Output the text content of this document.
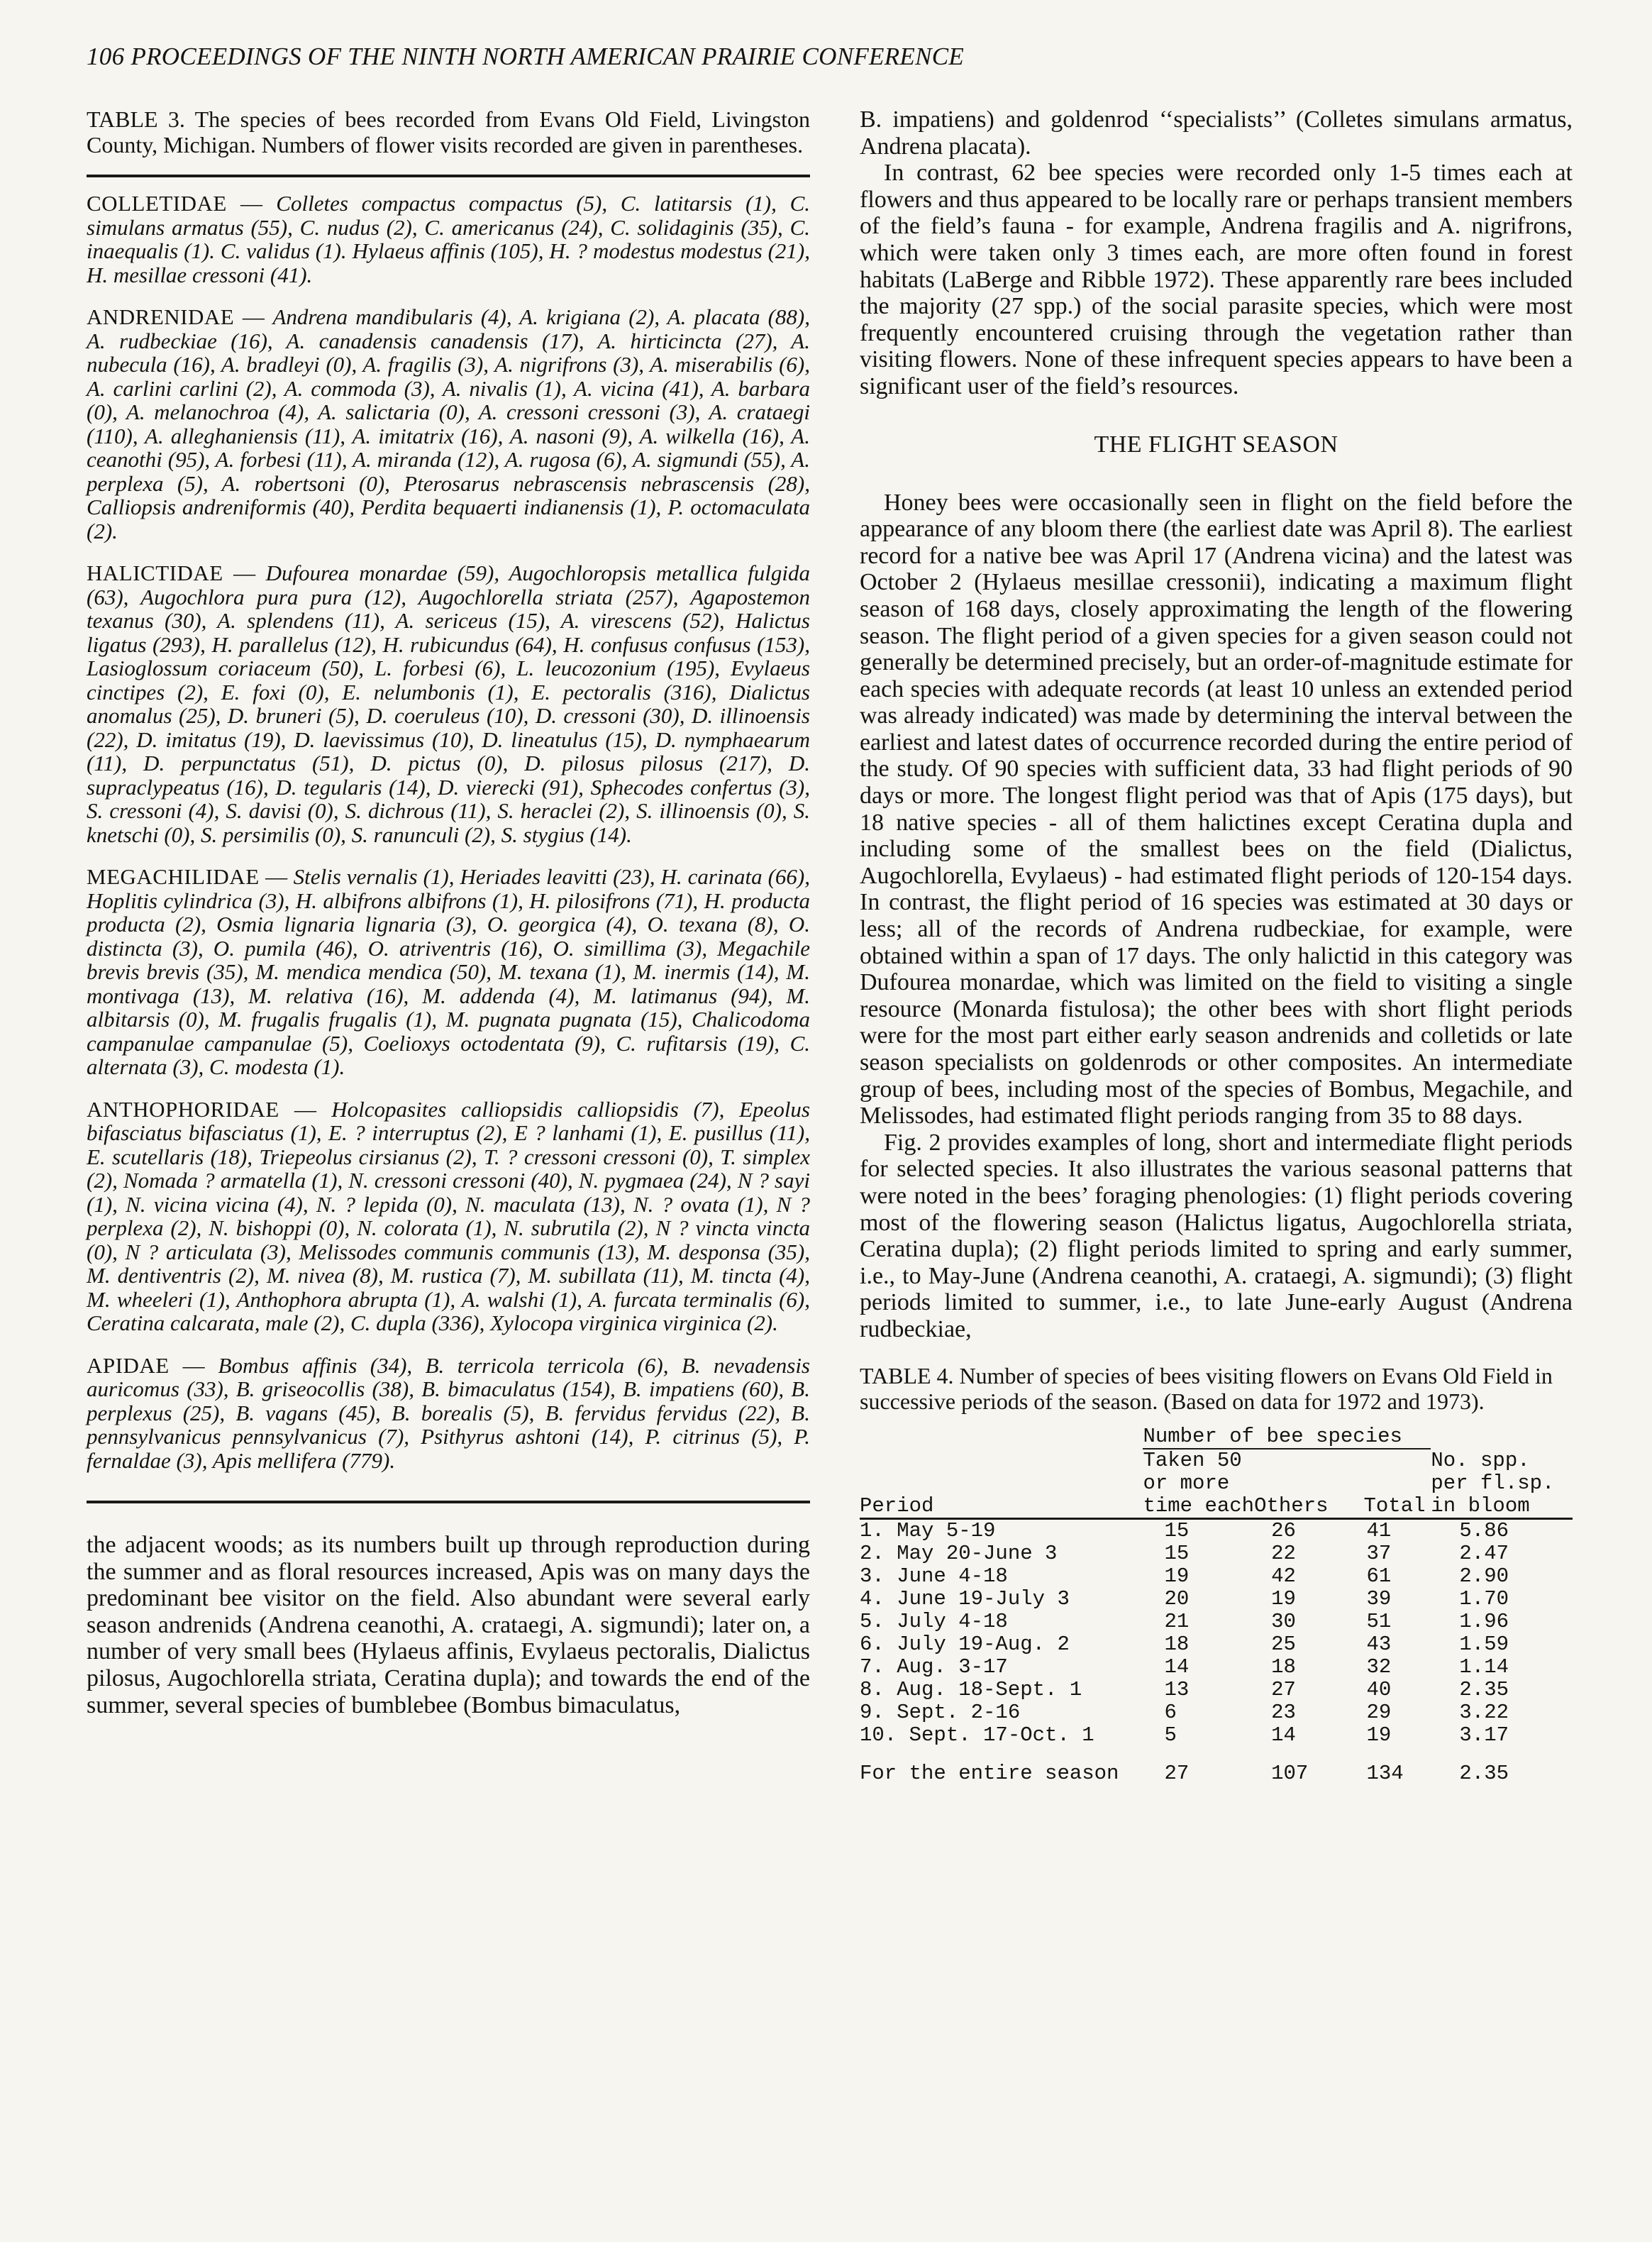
106 PROCEEDINGS OF THE NINTH NORTH AMERICAN PRAIRIE CONFERENCE

TABLE 3. The species of bees recorded from Evans Old Field, Livingston County, Michigan. Numbers of flower visits recorded are given in parentheses.

COLLETIDAE — Colletes compactus compactus (5), C. latitarsis (1), C. simulans armatus (55), C. nudus (2), C. americanus (24), C. solidaginis (35), C. inaequalis (1). C. validus (1). Hylaeus affinis (105), H. ? modestus modestus (21), H. mesillae cressoni (41).

ANDRENIDAE — Andrena mandibularis (4), A. krigiana (2), A. placata (88), A. rudbeckiae (16), A. canadensis canadensis (17), A. hirticincta (27), A. nubecula (16), A. bradleyi (0), A. fragilis (3), A. nigrifrons (3), A. miserabilis (6), A. carlini carlini (2), A. commoda (3), A. nivalis (1), A. vicina (41), A. barbara (0), A. melanochroa (4), A. salictaria (0), A. cressoni cressoni (3), A. crataegi (110), A. alleghaniensis (11), A. imitatrix (16), A. nasoni (9), A. wilkella (16), A. ceanothi (95), A. forbesi (11), A. miranda (12), A. rugosa (6), A. sigmundi (55), A. perplexa (5), A. robertsoni (0), Pterosarus nebrascensis nebrascensis (28), Calliopsis andreniformis (40), Perdita bequaerti indianensis (1), P. octomaculata (2).

HALICTIDAE — Dufourea monardae (59), Augochloropsis metallica fulgida (63), Augochlora pura pura (12), Augochlorella striata (257), Agapostemon texanus (30), A. splendens (11), A. sericeus (15), A. virescens (52), Halictus ligatus (293), H. parallelus (12), H. rubicundus (64), H. confusus confusus (153), Lasioglossum coriaceum (50), L. forbesi (6), L. leucozonium (195), Evylaeus cinctipes (2), E. foxi (0), E. nelumbonis (1), E. pectoralis (316), Dialictus anomalus (25), D. bruneri (5), D. coeruleus (10), D. cressoni (30), D. illinoensis (22), D. imitatus (19), D. laevissimus (10), D. lineatulus (15), D. nymphaearum (11), D. perpunctatus (51), D. pictus (0), D. pilosus pilosus (217), D. supraclypeatus (16), D. tegularis (14), D. vierecki (91), Sphecodes confertus (3), S. cressoni (4), S. davisi (0), S. dichrous (11), S. heraclei (2), S. illinoensis (0), S. knetschi (0), S. persimilis (0), S. ranunculi (2), S. stygius (14).

MEGACHILIDAE — Stelis vernalis (1), Heriades leavitti (23), H. carinata (66), Hoplitis cylindrica (3), H. albifrons albifrons (1), H. pilosifrons (71), H. producta producta (2), Osmia lignaria lignaria (3), O. georgica (4), O. texana (8), O. distincta (3), O. pumila (46), O. atriventris (16), O. simillima (3), Megachile brevis brevis (35), M. mendica mendica (50), M. texana (1), M. inermis (14), M. montivaga (13), M. relativa (16), M. addenda (4), M. latimanus (94), M. albitarsis (0), M. frugalis frugalis (1), M. pugnata pugnata (15), Chalicodoma campanulae campanulae (5), Coelioxys octodentata (9), C. rufitarsis (19), C. alternata (3), C. modesta (1).

ANTHOPHORIDAE — Holcopasites calliopsidis calliopsidis (7), Epeolus bifasciatus bifasciatus (1), E. ? interruptus (2), E ? lanhami (1), E. pusillus (11), E. scutellaris (18), Triepeolus cirsianus (2), T. ? cressoni cressoni (0), T. simplex (2), Nomada ? armatella (1), N. cressoni cressoni (40), N. pygmaea (24), N ? sayi (1), N. vicina vicina (4), N. ? lepida (0), N. maculata (13), N. ? ovata (1), N ? perplexa (2), N. bishoppi (0), N. colorata (1), N. subrutila (2), N ? vincta vincta (0), N ? articulata (3), Melissodes communis communis (13), M. desponsa (35), M. dentiventris (2), M. nivea (8), M. rustica (7), M. subillata (11), M. tincta (4), M. wheeleri (1), Anthophora abrupta (1), A. walshi (1), A. furcata terminalis (6), Ceratina calcarata, male (2), C. dupla (336), Xylocopa virginica virginica (2).

APIDAE — Bombus affinis (34), B. terricola terricola (6), B. nevadensis auricomus (33), B. griseocollis (38), B. bimaculatus (154), B. impatiens (60), B. perplexus (25), B. vagans (45), B. borealis (5), B. fervidus fervidus (22), B. pennsylvanicus pennsylvanicus (7), Psithyrus ashtoni (14), P. citrinus (5), P. fernaldae (3), Apis mellifera (779).

the adjacent woods; as its numbers built up through reproduction during the summer and as floral resources increased, Apis was on many days the predominant bee visitor on the field. Also abundant were several early season andrenids (Andrena ceanothi, A. crataegi, A. sigmundi); later on, a number of very small bees (Hylaeus affinis, Evylaeus pectoralis, Dialictus pilosus, Augochlorella striata, Ceratina dupla); and towards the end of the summer, several species of bumblebee (Bombus bimaculatus,

B. impatiens) and goldenrod ‘‘specialists’’ (Colletes simulans armatus, Andrena placata).

In contrast, 62 bee species were recorded only 1-5 times each at flowers and thus appeared to be locally rare or perhaps transient members of the field’s fauna - for example, Andrena fragilis and A. nigrifrons, which were taken only 3 times each, are more often found in forest habitats (LaBerge and Ribble 1972). These apparently rare bees included the majority (27 spp.) of the social parasite species, which were most frequently encountered cruising through the vegetation rather than visiting flowers. None of these infrequent species appears to have been a significant user of the field’s resources.

THE FLIGHT SEASON

Honey bees were occasionally seen in flight on the field before the appearance of any bloom there (the earliest date was April 8). The earliest record for a native bee was April 17 (Andrena vicina) and the latest was October 2 (Hylaeus mesillae cressonii), indicating a maximum flight season of 168 days, closely approximating the length of the flowering season. The flight period of a given species for a given season could not generally be determined precisely, but an order-of-magnitude estimate for each species with adequate records (at least 10 unless an extended period was already indicated) was made by determining the interval between the earliest and latest dates of occurrence recorded during the entire period of the study. Of 90 species with sufficient data, 33 had flight periods of 90 days or more. The longest flight period was that of Apis (175 days), but 18 native species - all of them halictines except Ceratina dupla and including some of the smallest bees on the field (Dialictus, Augochlorella, Evylaeus) - had estimated flight periods of 120-154 days. In contrast, the flight period of 16 species was estimated at 30 days or less; all of the records of Andrena rudbeckiae, for example, were obtained within a span of 17 days. The only halictid in this category was Dufourea monardae, which was limited on the field to visiting a single resource (Monarda fistulosa); the other bees with short flight periods were for the most part either early season andrenids and colletids or late season specialists on goldenrods or other composites. An intermediate group of bees, including most of the species of Bombus, Megachile, and Melissodes, had estimated flight periods ranging from 35 to 88 days.

Fig. 2 provides examples of long, short and intermediate flight periods for selected species. It also illustrates the various seasonal patterns that were noted in the bees’ foraging phenologies: (1) flight periods covering most of the flowering season (Halictus ligatus, Augochlorella striata, Ceratina dupla); (2) flight periods limited to spring and early summer, i.e., to May-June (Andrena ceanothi, A. crataegi, A. sigmundi); (3) flight periods limited to summer, i.e., to late June-early August (Andrena rudbeckiae,

TABLE 4. Number of species of bees visiting flowers on Evans Old Field in successive periods of the season. (Based on data for 1972 and 1973).

	Number of bee species			
	Taken 50			No. spp.
	or more			per fl.sp.
Period	time each	Others	Total	in bloom
1. May 5-19	15	26	41	5.86
2. May 20-June 3	15	22	37	2.47
3. June 4-18	19	42	61	2.90
4. June 19-July 3	20	19	39	1.70
5. July 4-18	21	30	51	1.96
6. July 19-Aug. 2	18	25	43	1.59
7. Aug. 3-17	14	18	32	1.14
8. Aug. 18-Sept. 1	13	27	40	2.35
9. Sept. 2-16	6	23	29	3.22
10. Sept. 17-Oct. 1	5	14	19	3.17
For the entire season	27	107	134	2.35
